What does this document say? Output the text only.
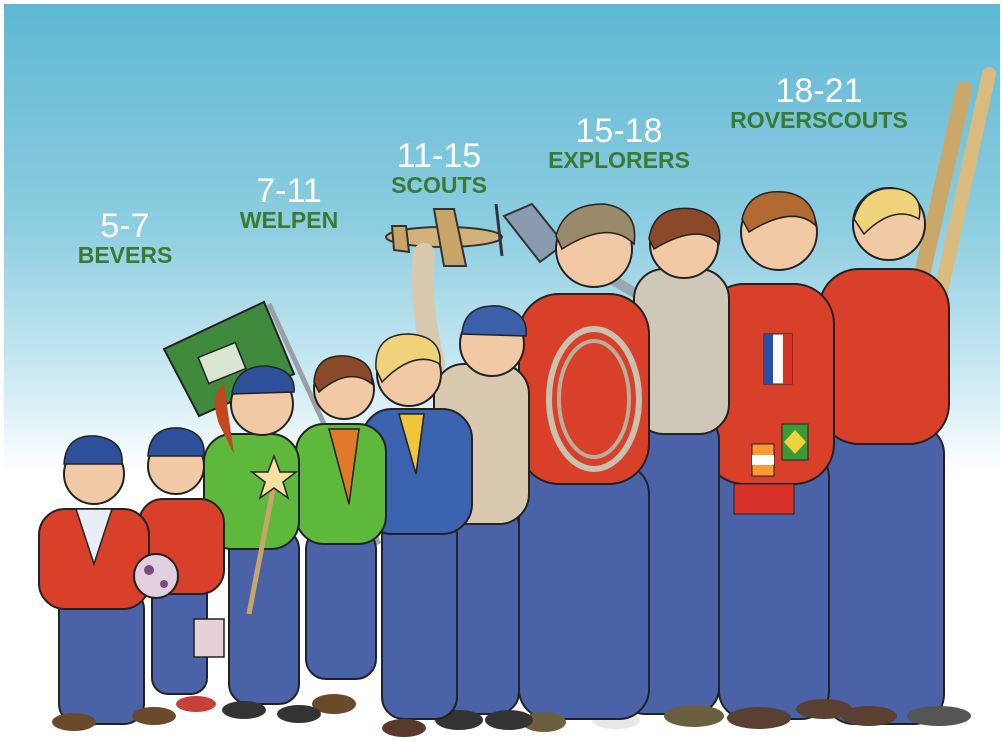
5-7
BEVERS
7-11
WELPEN
11-15
SCOUTS
15-18
EXPLORERS
18-21
ROVERSCOUTS
